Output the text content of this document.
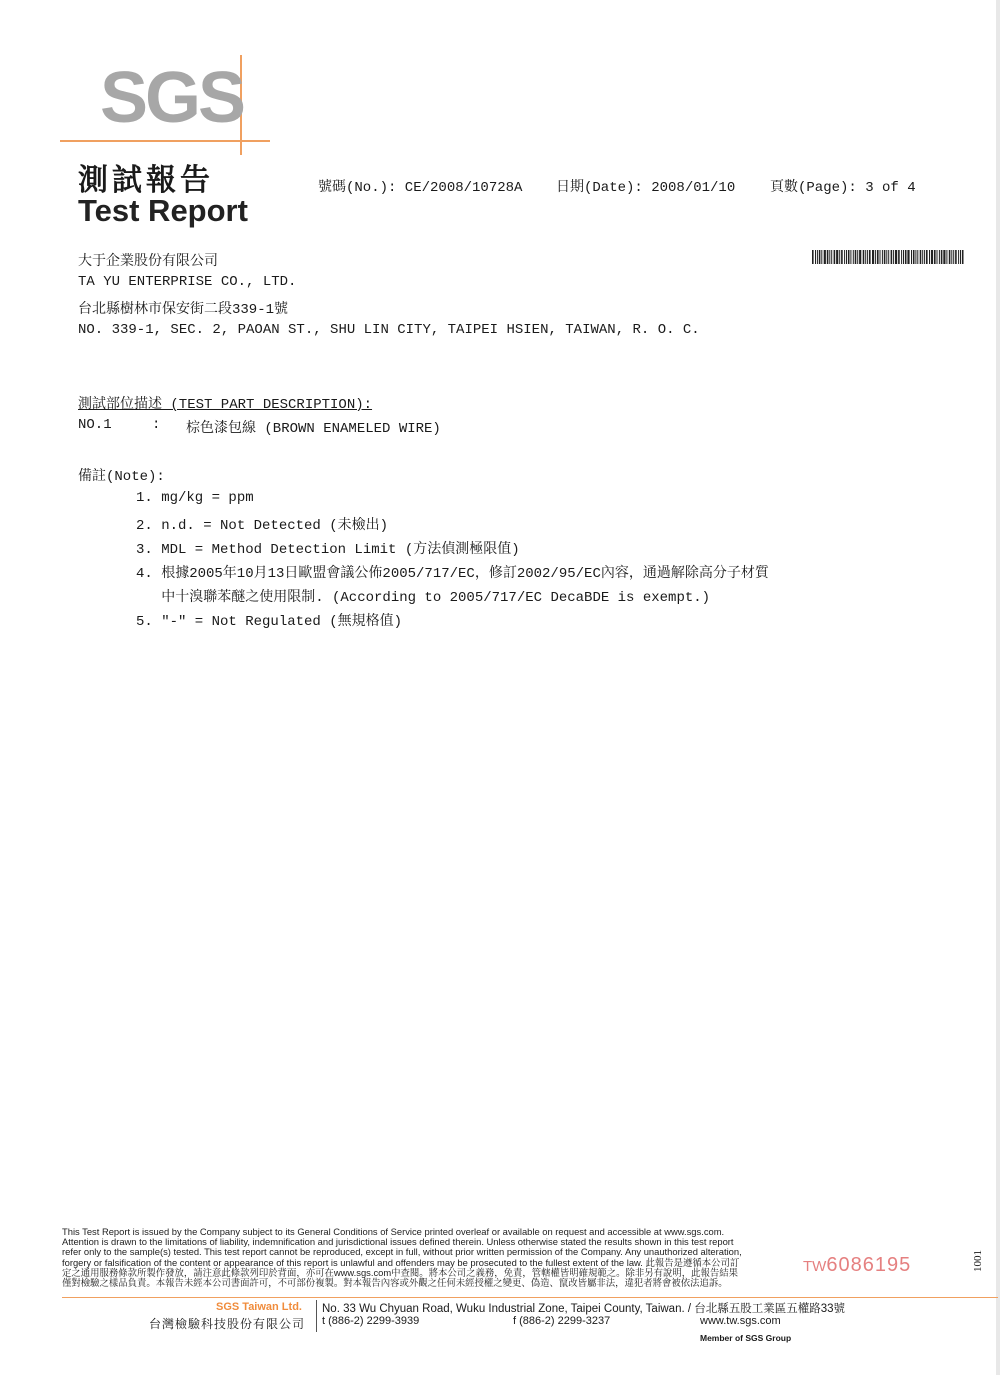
SGS
測試報告
Test Report
號碼(No.): CE/2008/10728A 日期(Date): 2008/01/10 頁數(Page): 3 of 4
大于企業股份有限公司
TA YU ENTERPRISE CO., LTD.
台北縣樹林市保安街二段339-1號
NO. 339-1, SEC. 2, PAOAN ST., SHU LIN CITY, TAIPEI HSIEN, TAIWAN, R. O. C.
測試部位描述 (TEST PART DESCRIPTION):
NO.1	: 棕色漆包線 (BROWN ENAMELED WIRE)
備註(Note):
1. mg/kg = ppm
2. n.d. = Not Detected (未檢出)
3. MDL = Method Detection Limit (方法偵測極限值)
4. 根據2005年10月13日歐盟會議公佈2005/717/EC，修訂2002/95/EC內容，通過解除高分子材質
中十溴聯苯醚之使用限制. (According to 2005/717/EC DecaBDE is exempt.)
5. "-" = Not Regulated (無規格值)

This Test Report is issued by the Company subject to its General Conditions of Service printed overleaf or available on request and accessible at www.sgs.com.

Attention is drawn to the limitations of liability, indemnification and jurisdictional issues defined therein. Unless otherwise stated the results shown in this test report

refer only to the sample(s) tested. This test report cannot be reproduced, except in full, without prior written permission of the Company. Any unauthorized alteration,

forgery or falsification of the content or appearance of this report is unlawful and offenders may be prosecuted to the fullest extent of the law. 此報告是遵循本公司訂

定之通用服務條款所製作發放，請注意此條款列印於背面，亦可在www.sgs.com中查閱。將本公司之義務，免責，管轄權皆明確規範之。除非另有說明，此報告結果

僅對檢驗之樣品負責。本報告未經本公司書面許可，不可部份複製。對本報告內容或外觀之任何未經授權之變更、偽造、竄改皆屬非法，違犯者將會被依法追訴。

TW6086195
SGS Taiwan Ltd.
台灣檢驗科技股份有限公司
No. 33 Wu Chyuan Road, Wuku Industrial Zone, Taipei County, Taiwan. / 台北縣五股工業區五權路33號
t (886-2) 2299-3939	f (886-2) 2299-3237	www.tw.sgs.com
Member of SGS Group
1001
